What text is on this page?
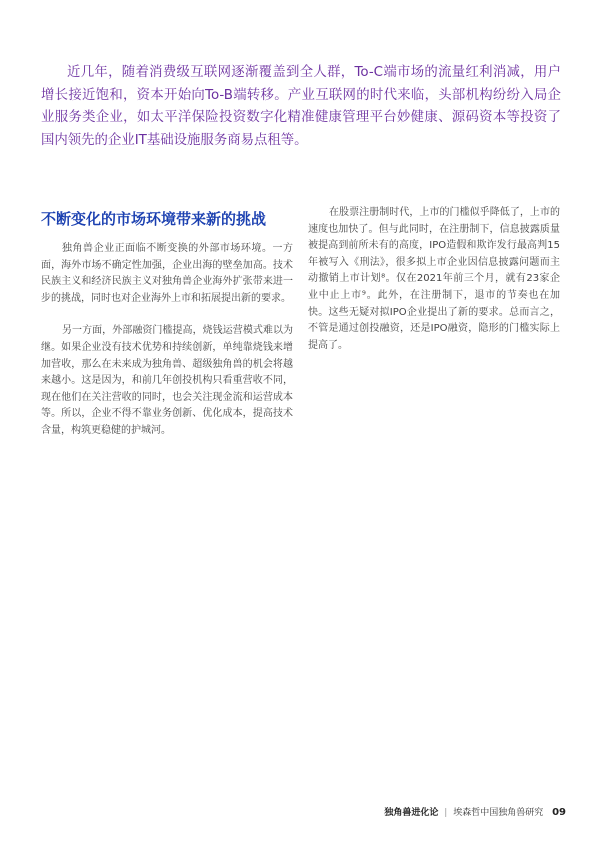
近几年，随着消费级互联网逐渐覆盖到全人群，To-C端市场的流量红利消减，用户增长接近饱和，资本开始向To-B端转移。产业互联网的时代来临，头部机构纷纷入局企业服务类企业，如太平洋保险投资数字化精准健康管理平台妙健康、源码资本等投资了国内领先的企业IT基础设施服务商易点租等。

不断变化的市场环境带来新的挑战

独角兽企业正面临不断变换的外部市场环境。一方面，海外市场不确定性加强，企业出海的壁垒加高。技术民族主义和经济民族主义对独角兽企业海外扩张带来进一步的挑战，同时也对企业海外上市和拓展提出新的要求。

另一方面，外部融资门槛提高，烧钱运营模式难以为继。如果企业没有技术优势和持续创新，单纯靠烧钱来增加营收，那么在未来成为独角兽、超级独角兽的机会将越来越小。这是因为，和前几年创投机构只看重营收不同，现在他们在关注营收的同时，也会关注现金流和运营成本等。所以，企业不得不靠业务创新、优化成本，提高技术含量，构筑更稳健的护城河。

在股票注册制时代，上市的门槛似乎降低了，上市的速度也加快了。但与此同时，在注册制下，信息披露质量被提高到前所未有的高度，IPO造假和欺诈发行最高判15年被写入《刑法》，很多拟上市企业因信息披露问题而主动撤销上市计划⁸。仅在2021年前三个月，就有23家企业中止上市⁹。此外，在注册制下，退市的节奏也在加快。这些无疑对拟IPO企业提出了新的要求。总而言之，不管是通过创投融资，还是IPO融资，隐形的门槛实际上提高了。

独角兽进化论 | 埃森哲中国独角兽研究 09
